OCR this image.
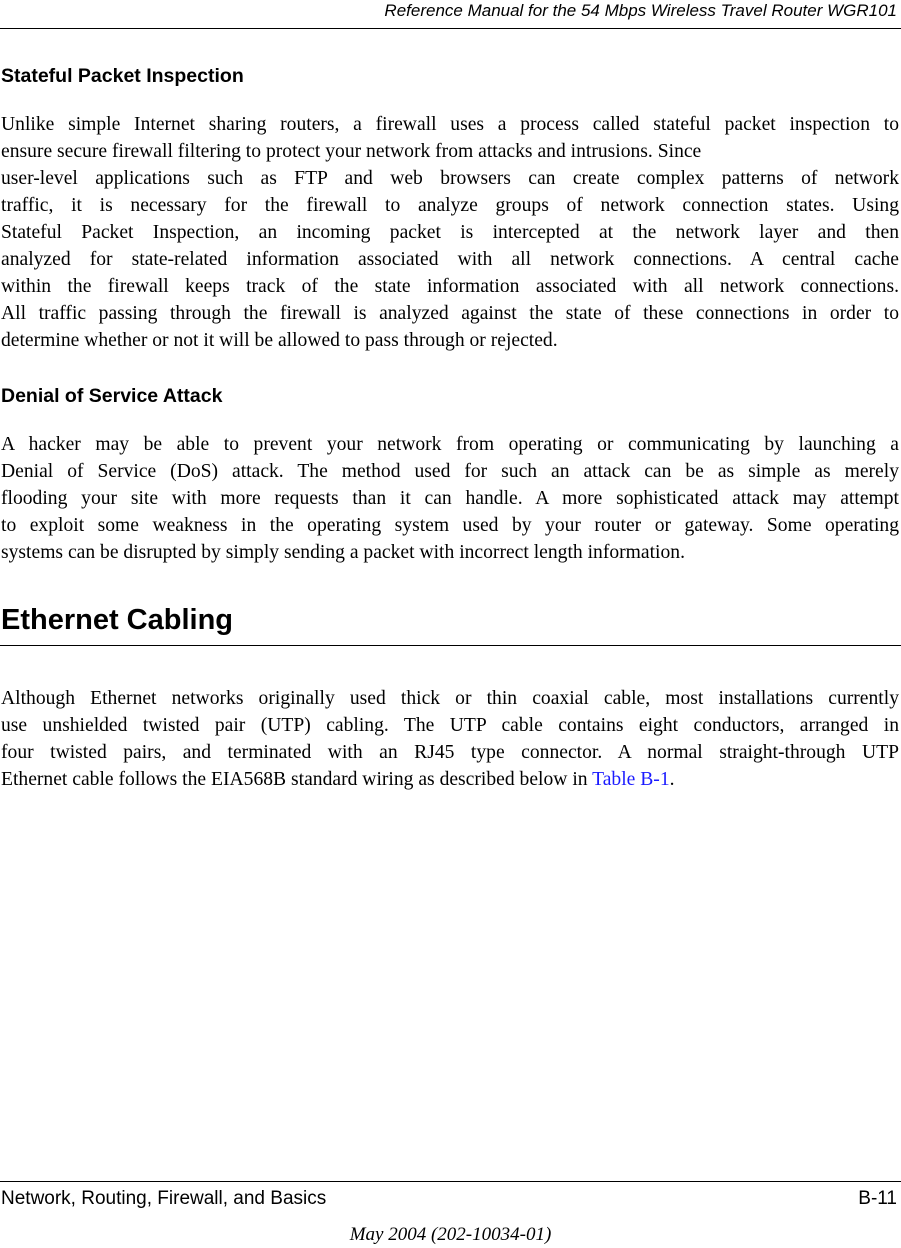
Reference Manual for the 54 Mbps Wireless Travel Router WGR101
Stateful Packet Inspection
Unlike simple Internet sharing routers, a firewall uses a process called stateful packet inspection to
ensure secure firewall filtering to protect your network from attacks and intrusions. Since
user-level applications such as FTP and web browsers can create complex patterns of network
traffic, it is necessary for the firewall to analyze groups of network connection states. Using
Stateful Packet Inspection, an incoming packet is intercepted at the network layer and then
analyzed for state-related information associated with all network connections. A central cache
within the firewall keeps track of the state information associated with all network connections.
All traffic passing through the firewall is analyzed against the state of these connections in order to
determine whether or not it will be allowed to pass through or rejected.
Denial of Service Attack
A hacker may be able to prevent your network from operating or communicating by launching a
Denial of Service (DoS) attack. The method used for such an attack can be as simple as merely
flooding your site with more requests than it can handle. A more sophisticated attack may attempt
to exploit some weakness in the operating system used by your router or gateway. Some operating
systems can be disrupted by simply sending a packet with incorrect length information.
Ethernet Cabling
Although Ethernet networks originally used thick or thin coaxial cable, most installations currently
use unshielded twisted pair (UTP) cabling. The UTP cable contains eight conductors, arranged in
four twisted pairs, and terminated with an RJ45 type connector. A normal straight-through UTP
Ethernet cable follows the EIA568B standard wiring as described below in Table B-1.
Network, Routing, Firewall, and Basics	B-11
May 2004 (202-10034-01)
